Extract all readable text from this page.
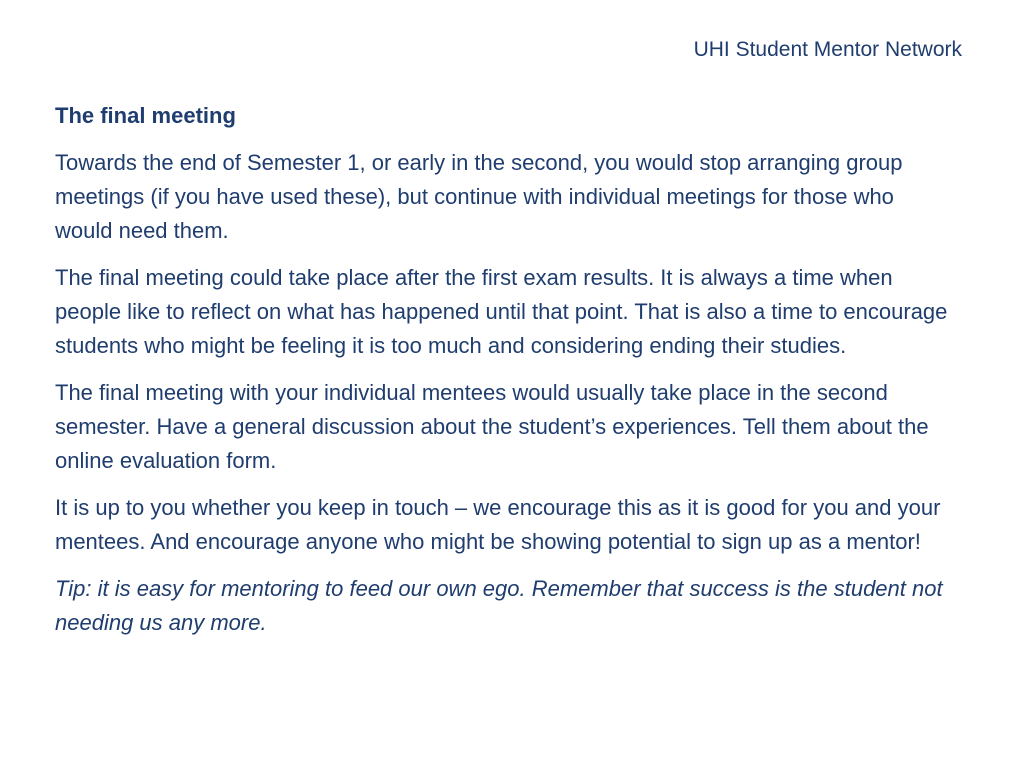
UHI Student Mentor Network
The final meeting

Towards the end of Semester 1, or early in the second, you would stop arranging group meetings (if you have used these), but continue with individual meetings for those who would need them.

The final meeting could take place after the first exam results. It is always a time when people like to reflect on what has happened until that point. That is also a time to encourage students who might be feeling it is too much and considering ending their studies.

The final meeting with your individual mentees would usually take place in the second semester. Have a general discussion about the student’s experiences. Tell them about the online evaluation form.

It is up to you whether you keep in touch – we encourage this as it is good for you and your mentees. And encourage anyone who might be showing potential to sign up as a mentor!

Tip: it is easy for mentoring to feed our own ego. Remember that success is the student not needing us any more.
